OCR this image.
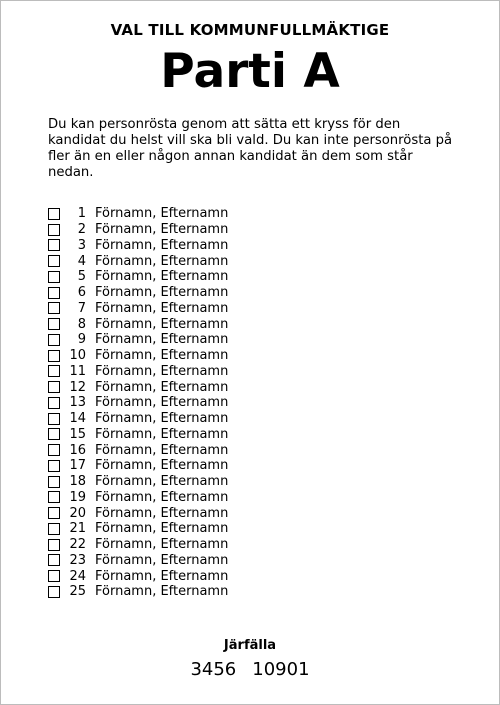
VAL TILL KOMMUNFULLMÄKTIGE
Parti A

Du kan personrösta genom att sätta ett kryss för den kandidat du helst vill ska bli vald. Du kan inte personrösta på fler än en eller någon annan kandidat än dem som står nedan.

1 Förnamn, Efternamn
2 Förnamn, Efternamn
3 Förnamn, Efternamn
4 Förnamn, Efternamn
5 Förnamn, Efternamn
6 Förnamn, Efternamn
7 Förnamn, Efternamn
8 Förnamn, Efternamn
9 Förnamn, Efternamn
10 Förnamn, Efternamn
11 Förnamn, Efternamn
12 Förnamn, Efternamn
13 Förnamn, Efternamn
14 Förnamn, Efternamn
15 Förnamn, Efternamn
16 Förnamn, Efternamn
17 Förnamn, Efternamn
18 Förnamn, Efternamn
19 Förnamn, Efternamn
20 Förnamn, Efternamn
21 Förnamn, Efternamn
22 Förnamn, Efternamn
23 Förnamn, Efternamn
24 Förnamn, Efternamn
25 Förnamn, Efternamn
Järfälla
3456 10901
